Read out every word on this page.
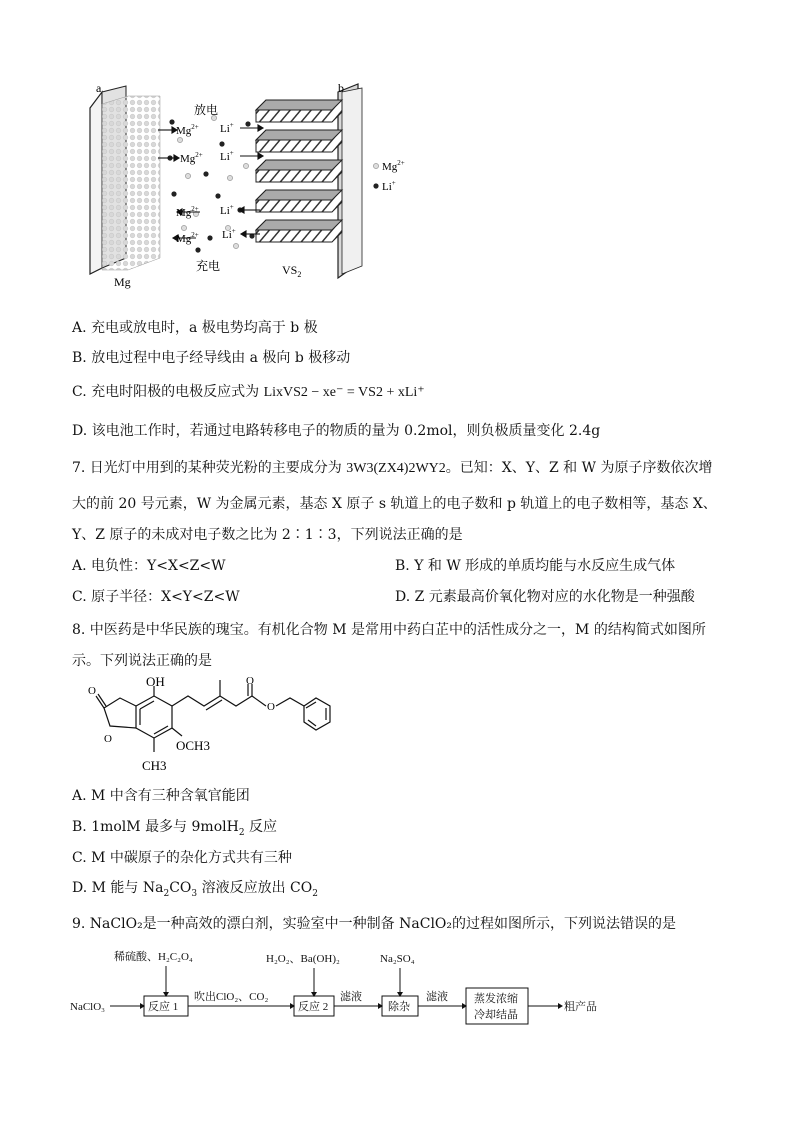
a	b
放电
充电
Mg
$VS_2$
$Mg^{2+}$ Li+
$Mg^{2+}$ Li+
$Mg^{2+}$ Li+
$Mg^{2+}$ Li+
$Mg^{2+}$
Li+
A. 充电或放电时，a 极电势均高于 b 极
B. 放电过程中电子经导线由 a 极向 b 极移动
C. 充电时阳极的电极反应式为 LixVS2 − xe⁻ = VS2 + xLi⁺
D. 该电池工作时，若通过电路转移电子的物质的量为 0.2mol，则负极质量变化 2.4g
7. 日光灯中用到的某种荧光粉的主要成分为 3W3(ZX4)2WY2。已知：X、Y、Z 和 W 为原子序数依次增
大的前 20 号元素，W 为金属元素，基态 X 原子 s 轨道上的电子数和 p 轨道上的电子数相等，基态 X、
Y、Z 原子的未成对电子数之比为 2∶1∶3，下列说法正确的是
A. 电负性：Y<X<Z<W	B. Y 和 W 形成的单质均能与水反应生成气体
C. 原子半径：X<Y<Z<W	D. Z 元素最高价氧化物对应的水化物是一种强酸
8. 中医药是中华民族的瑰宝。有机化合物 M 是常用中药白芷中的活性成分之一，M 的结构简式如图所
示。下列说法正确的是
O
O
O
O
OH
OCH3
CH3
A. M 中含有三种含氧官能团
B. 1molM 最多与 9molH$_2$ 反应
C. M 中碳原子的杂化方式共有三种
D. M 能与 $Na_2CO_3$ 溶液反应放出 $CO_2$
9. NaClO₂是一种高效的漂白剂，实验室中一种制备 NaClO₂的过程如图所示，下列说法错误的是
稀硫酸、H₂C₂O₄	H₂O₂、Ba(OH)₂	Na₂SO₄
NaClO₃	反应 1
吹出ClO₂、CO₂
反应 2
滤液
除杂
滤液 蒸发浓缩
冷却结晶
粗产品
